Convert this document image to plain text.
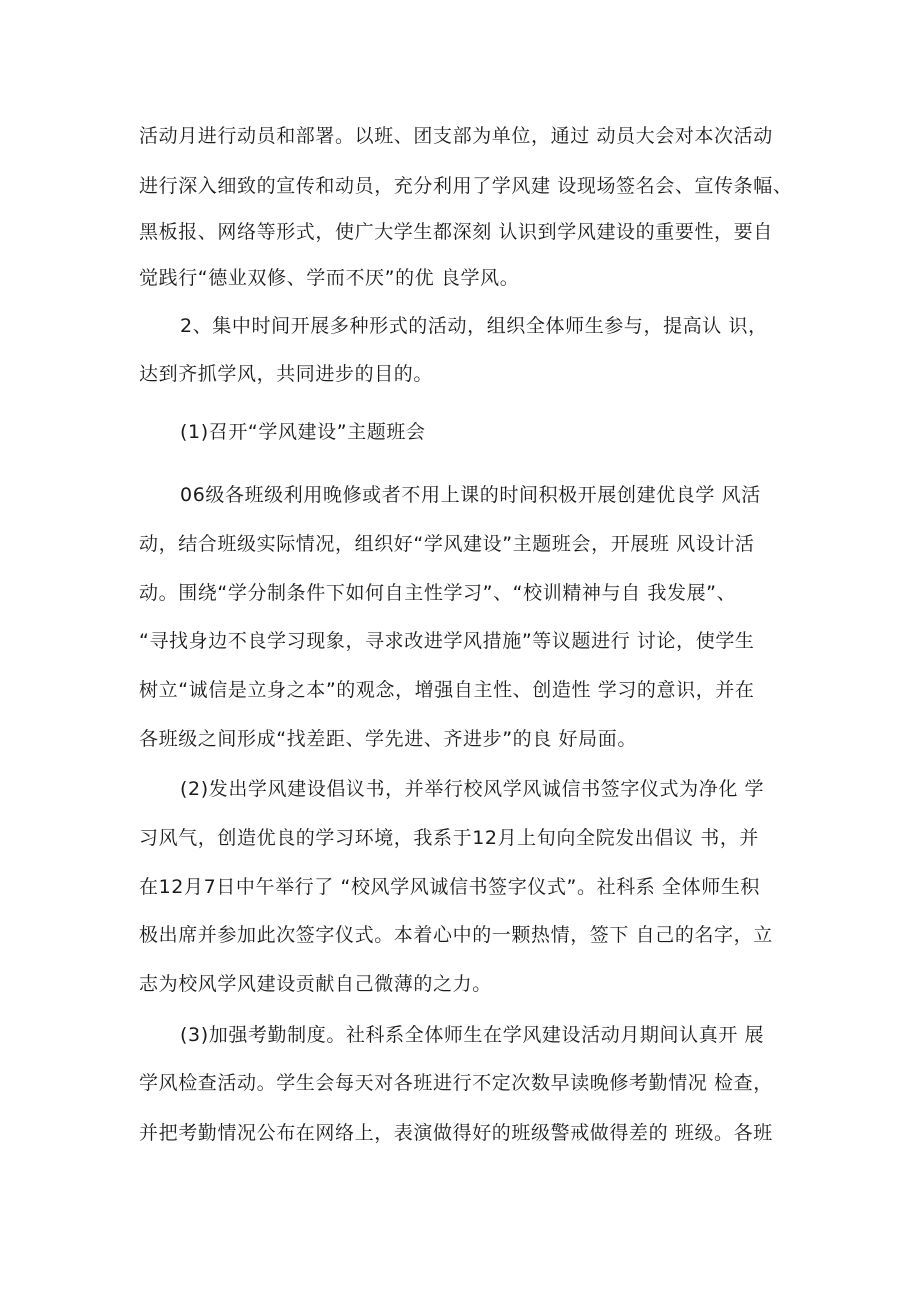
活动月进行动员和部署。以班、团支部为单位，通过 动员大会对本次活动
进行深入细致的宣传和动员，充分利用了学风建 设现场签名会、宣传条幅、
黑板报、网络等形式，使广大学生都深刻 认识到学风建设的重要性，要自
觉践行“德业双修、学而不厌”的优 良学风。
2、集中时间开展多种形式的活动，组织全体师生参与，提高认 识，
达到齐抓学风，共同进步的目的。
(1)召开“学风建设”主题班会
06级各班级利用晚修或者不用上课的时间积极开展创建优良学 风活
动，结合班级实际情况，组织好“学风建设”主题班会，开展班 风设计活
动。围绕“学分制条件下如何自主性学习”、“校训精神与自 我发展”、
“寻找身边不良学习现象，寻求改进学风措施”等议题进行 讨论，使学生
树立“诚信是立身之本”的观念，增强自主性、创造性 学习的意识，并在
各班级之间形成“找差距、学先进、齐进步”的良 好局面。
(2)发出学风建设倡议书，并举行校风学风诚信书签字仪式为净化 学
习风气，创造优良的学习环境，我系于12月上旬向全院发出倡议 书，并
在12月7日中午举行了 “校风学风诚信书签字仪式”。社科系 全体师生积
极出席并参加此次签字仪式。本着心中的一颗热情，签下 自己的名字，立
志为校风学风建设贡献自己微薄的之力。
(3)加强考勤制度。社科系全体师生在学风建设活动月期间认真开 展
学风检查活动。学生会每天对各班进行不定次数早读晚修考勤情况 检查，
并把考勤情况公布在网络上，表演做得好的班级警戒做得差的 班级。各班
